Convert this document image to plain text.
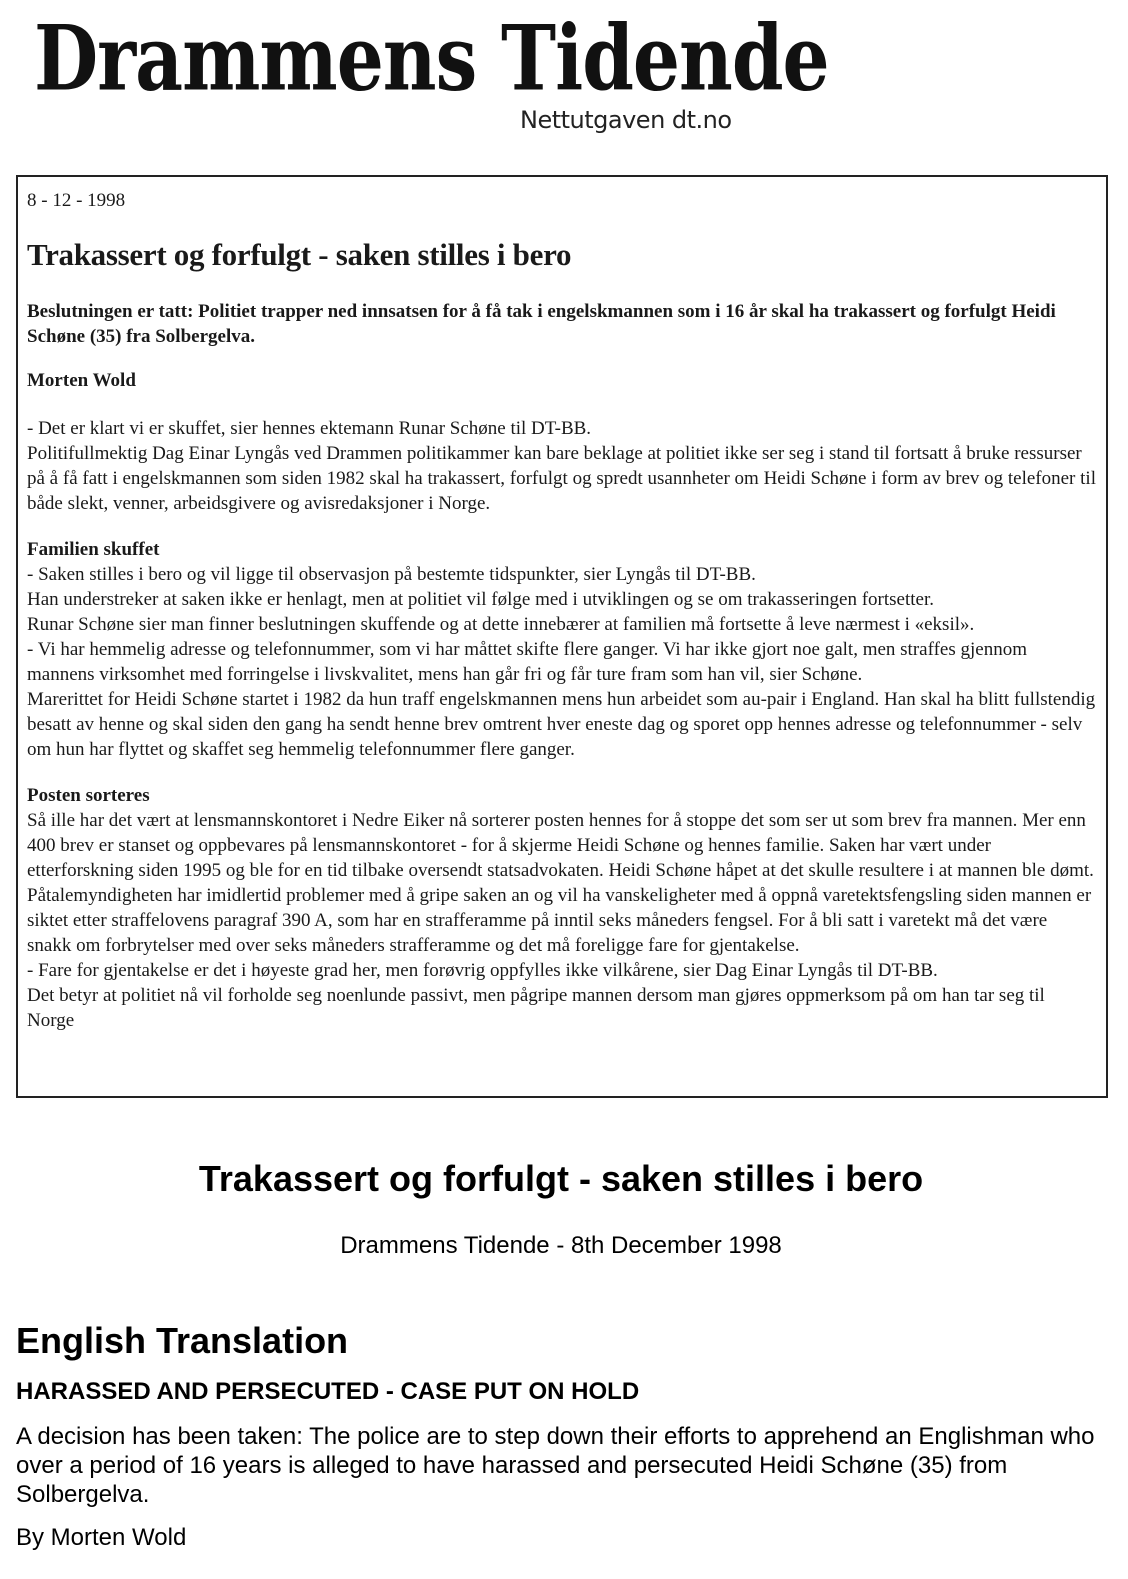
Drammens Tidende
Nettutgaven dt.no

8 - 12 - 1998

Trakassert og forfulgt - saken stilles i bero

Beslutningen er tatt: Politiet trapper ned innsatsen for å få tak i engelskmannen som i 16 år skal ha trakassert og forfulgt Heidi Schøne (35) fra Solbergelva.

Morten Wold

- Det er klart vi er skuffet, sier hennes ektemann Runar Schøne til DT-BB.

Politifullmektig Dag Einar Lyngås ved Drammen politikammer kan bare beklage at politiet ikke ser seg i stand til fortsatt å bruke ressurser på å få fatt i engelskmannen som siden 1982 skal ha trakassert, forfulgt og spredt usannheter om Heidi Schøne i form av brev og telefoner til både slekt, venner, arbeidsgivere og avisredaksjoner i Norge.

Familien skuffet

- Saken stilles i bero og vil ligge til observasjon på bestemte tidspunkter, sier Lyngås til DT-BB.

Han understreker at saken ikke er henlagt, men at politiet vil følge med i utviklingen og se om trakasseringen fortsetter.

Runar Schøne sier man finner beslutningen skuffende og at dette innebærer at familien må fortsette å leve nærmest i «eksil».

- Vi har hemmelig adresse og telefonnummer, som vi har måttet skifte flere ganger. Vi har ikke gjort noe galt, men straffes gjennom mannens virksomhet med forringelse i livskvalitet, mens han går fri og får ture fram som han vil, sier Schøne.

Marerittet for Heidi Schøne startet i 1982 da hun traff engelskmannen mens hun arbeidet som au-pair i England. Han skal ha blitt fullstendig besatt av henne og skal siden den gang ha sendt henne brev omtrent hver eneste dag og sporet opp hennes adresse og telefonnummer - selv om hun har flyttet og skaffet seg hemmelig telefonnummer flere ganger.

Posten sorteres

Så ille har det vært at lensmannskontoret i Nedre Eiker nå sorterer posten hennes for å stoppe det som ser ut som brev fra mannen. Mer enn 400 brev er stanset og oppbevares på lensmannskontoret - for å skjerme Heidi Schøne og hennes familie. Saken har vært under etterforskning siden 1995 og ble for en tid tilbake oversendt statsadvokaten. Heidi Schøne håpet at det skulle resultere i at mannen ble dømt.

Påtalemyndigheten har imidlertid problemer med å gripe saken an og vil ha vanskeligheter med å oppnå varetektsfengsling siden mannen er siktet etter straffelovens paragraf 390 A, som har en strafferamme på inntil seks måneders fengsel. For å bli satt i varetekt må det være snakk om forbrytelser med over seks måneders strafferamme og det må foreligge fare for gjentakelse.

- Fare for gjentakelse er det i høyeste grad her, men forøvrig oppfylles ikke vilkårene, sier Dag Einar Lyngås til DT-BB.

Det betyr at politiet nå vil forholde seg noenlunde passivt, men pågripe mannen dersom man gjøres oppmerksom på om han tar seg til Norge

Trakassert og forfulgt - saken stilles i bero
Drammens Tidende - 8th December 1998
English Translation
HARASSED AND PERSECUTED - CASE PUT ON HOLD

A decision has been taken: The police are to step down their efforts to apprehend an Englishman who over a period of 16 years is alleged to have harassed and persecuted Heidi Schøne (35) from Solbergelva.

By Morten Wold
